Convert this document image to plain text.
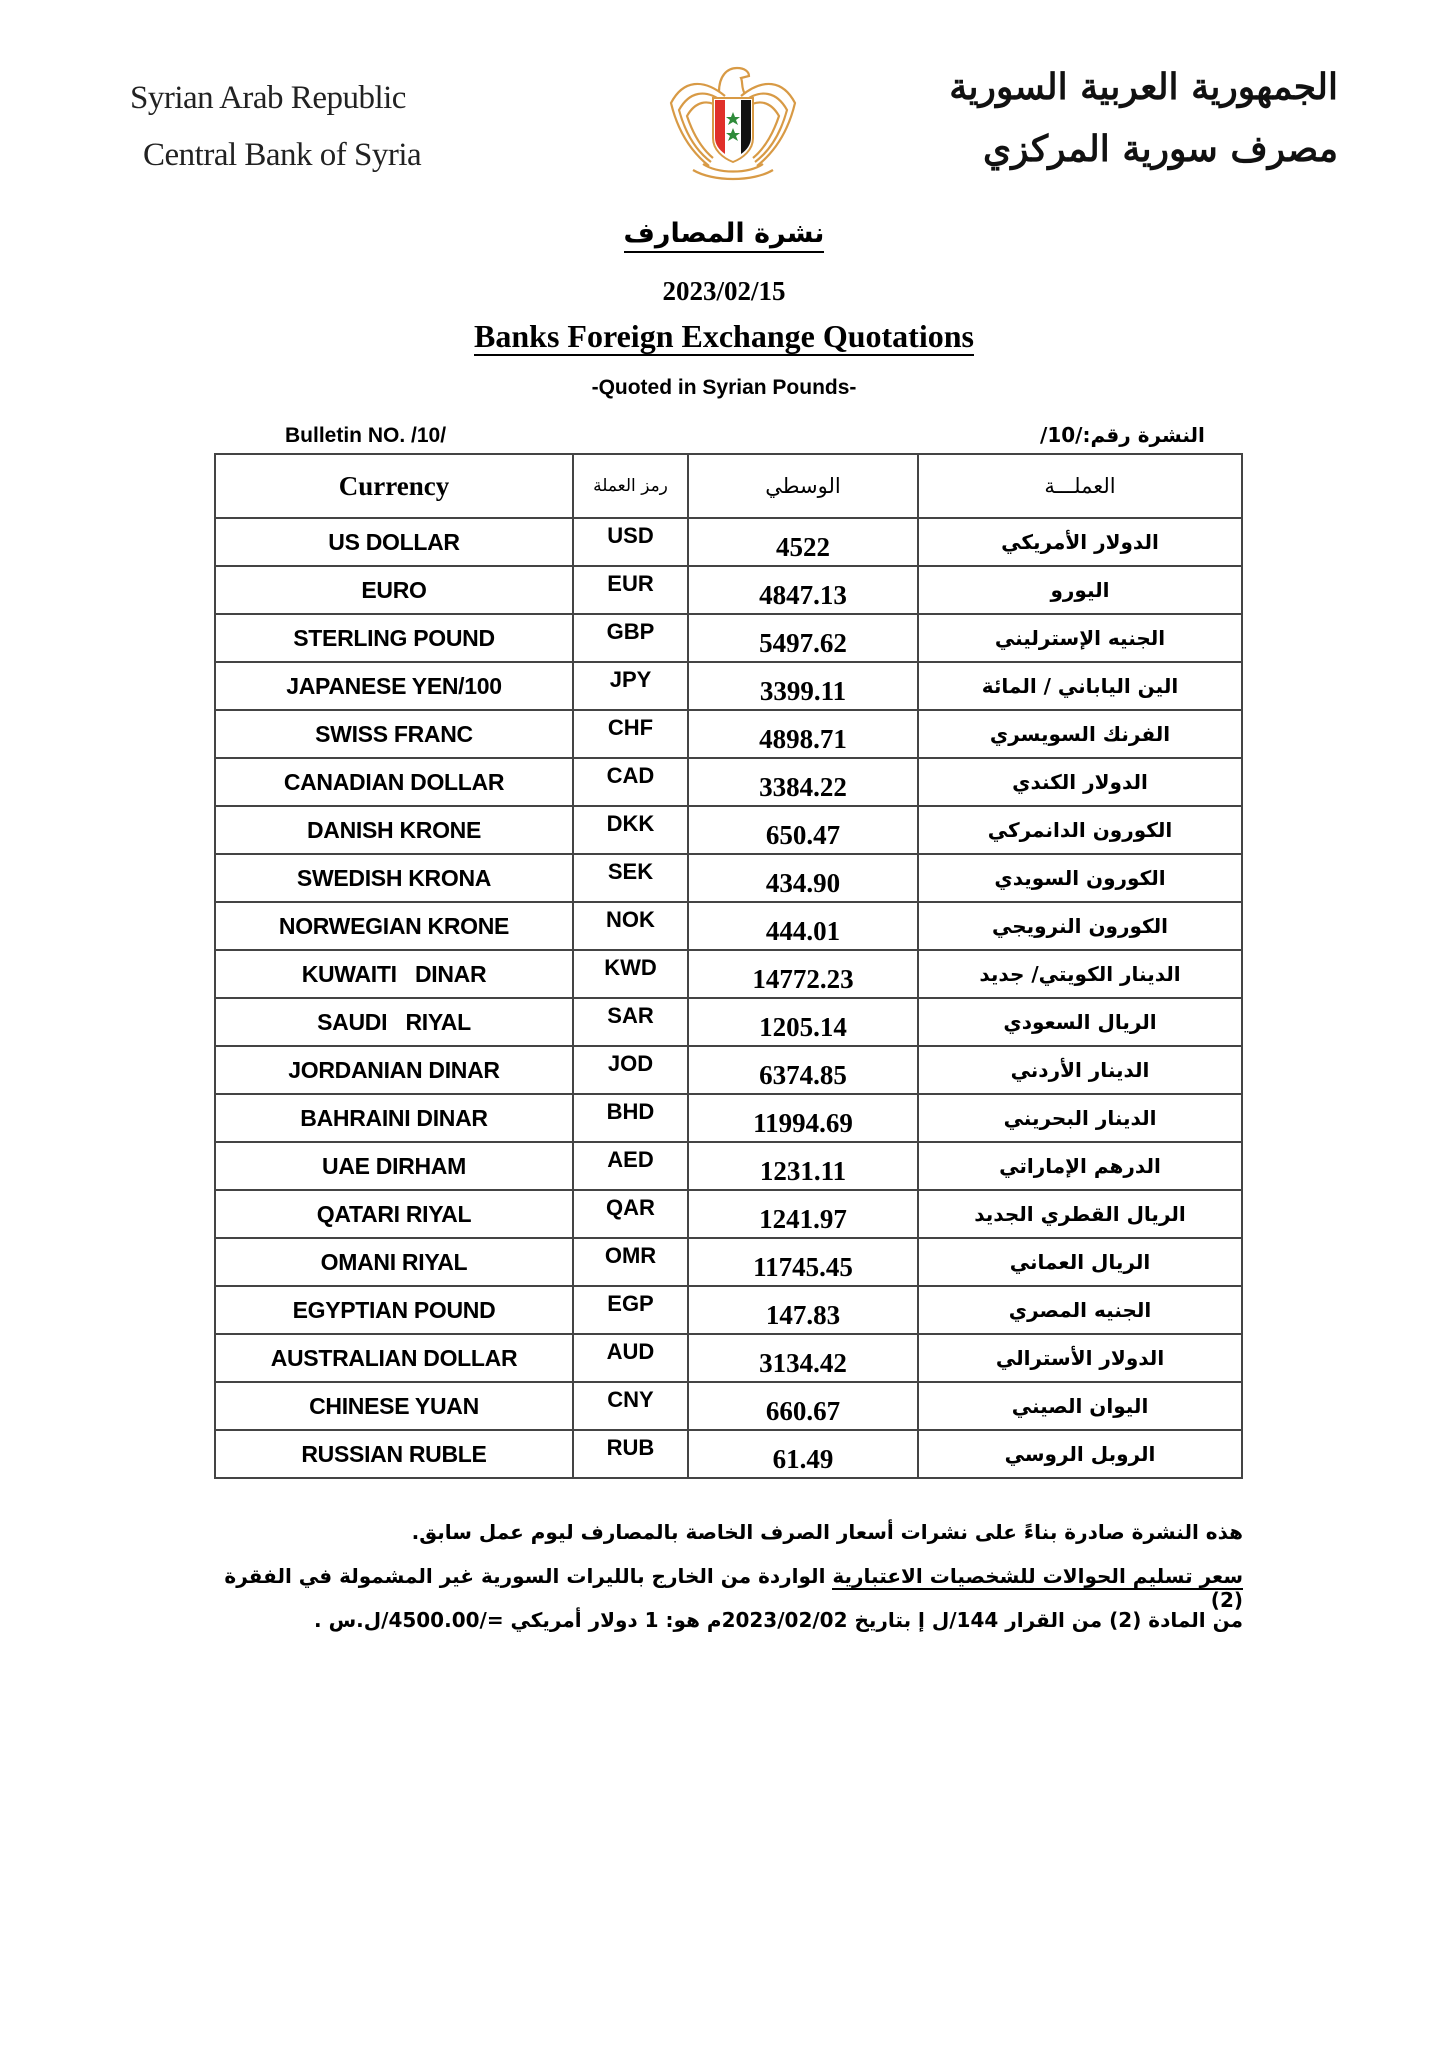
Syrian Arab Republic
Central Bank of Syria
الجمهورية العربية السورية
مصرف سورية المركزي
نشرة المصارف
2023/02/15
Banks Foreign Exchange Quotations
-Quoted in Syrian Pounds-
Bulletin NO. /10/	النشرة رقم:/10/
Currency	رمز العملة	الوسطي	العملـــة
US DOLLAR	USD	4522	الدولار الأمريكي
EURO	EUR	4847.13	اليورو
STERLING POUND	GBP	5497.62	الجنيه الإسترليني
JAPANESE YEN/100	JPY	3399.11	الين الياباني / المائة
SWISS FRANC	CHF	4898.71	الفرنك السويسري
CANADIAN DOLLAR	CAD	3384.22	الدولار الكندي
DANISH KRONE	DKK	650.47	الكورون الدانمركي
SWEDISH KRONA	SEK	434.90	الكورون السويدي
NORWEGIAN KRONE	NOK	444.01	الكورون النرويجي
KUWAITI   DINAR	KWD	14772.23	الدينار الكويتي/ جديد
SAUDI   RIYAL	SAR	1205.14	الريال السعودي
JORDANIAN DINAR	JOD	6374.85	الدينار الأردني
BAHRAINI DINAR	BHD	11994.69	الدينار البحريني
UAE DIRHAM	AED	1231.11	الدرهم الإماراتي
QATARI RIYAL	QAR	1241.97	الريال القطري الجديد
OMANI RIYAL	OMR	11745.45	الريال العماني
EGYPTIAN POUND	EGP	147.83	الجنيه المصري
AUSTRALIAN DOLLAR	AUD	3134.42	الدولار الأسترالي
CHINESE YUAN	CNY	660.67	اليوان الصيني
RUSSIAN RUBLE	RUB	61.49	الروبل الروسي
هذه النشرة صادرة بناءً على نشرات أسعار الصرف الخاصة بالمصارف ليوم عمل سابق.
سعر تسليم الحوالات للشخصيات الاعتبارية الواردة من الخارج بالليرات السورية غير المشمولة في الفقرة (2)
من المادة (2) من القرار 144/ل إ بتاريخ 2023/02/02م هو: 1 دولار أمريكي =/4500.00/ل.س .
